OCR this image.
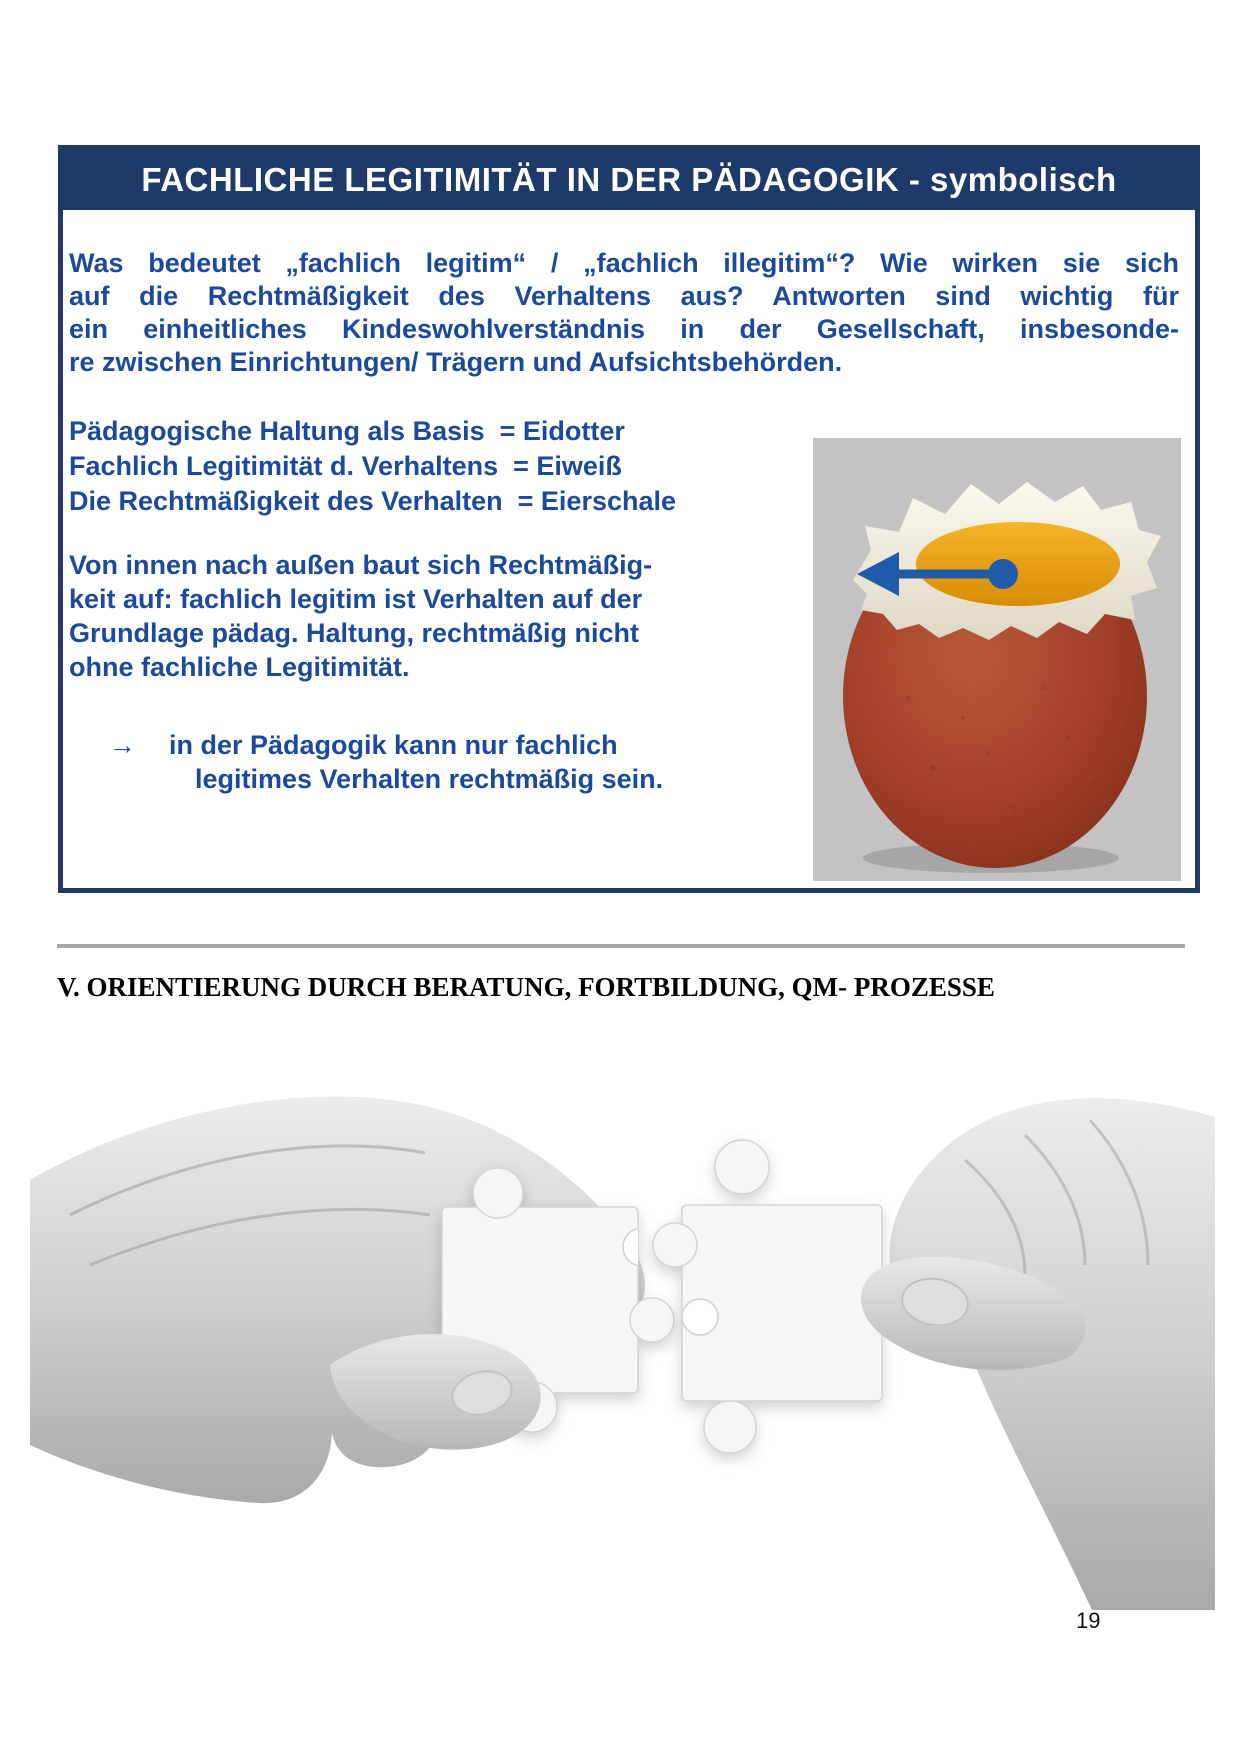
FACHLICHE LEGITIMITÄT IN DER PÄDAGOGIK - symbolisch
Was bedeutet „fachlich legitim“ / „fachlich illegitim“? Wie wirken sie sich
auf die Rechtmäßigkeit des Verhaltens aus? Antworten sind wichtig für
ein einheitliches Kindeswohlverständnis in der Gesellschaft, insbesonde-
re zwischen Einrichtungen/ Trägern und Aufsichtsbehörden.
Pädagogische Haltung als Basis = Eidotter
Fachlich Legitimität d. Verhaltens = Eiweiß
Die Rechtmäßigkeit des Verhalten = Eierschale
Von innen nach außen baut sich Rechtmäßig-
keit auf: fachlich legitim ist Verhalten auf der
Grundlage pädag. Haltung, rechtmäßig nicht
ohne fachliche Legitimität.
→	in der Pädagogik kann nur fachlich
legitimes Verhalten rechtmäßig sein.
V. ORIENTIERUNG DURCH BERATUNG, FORTBILDUNG, QM- PROZESSE
19
